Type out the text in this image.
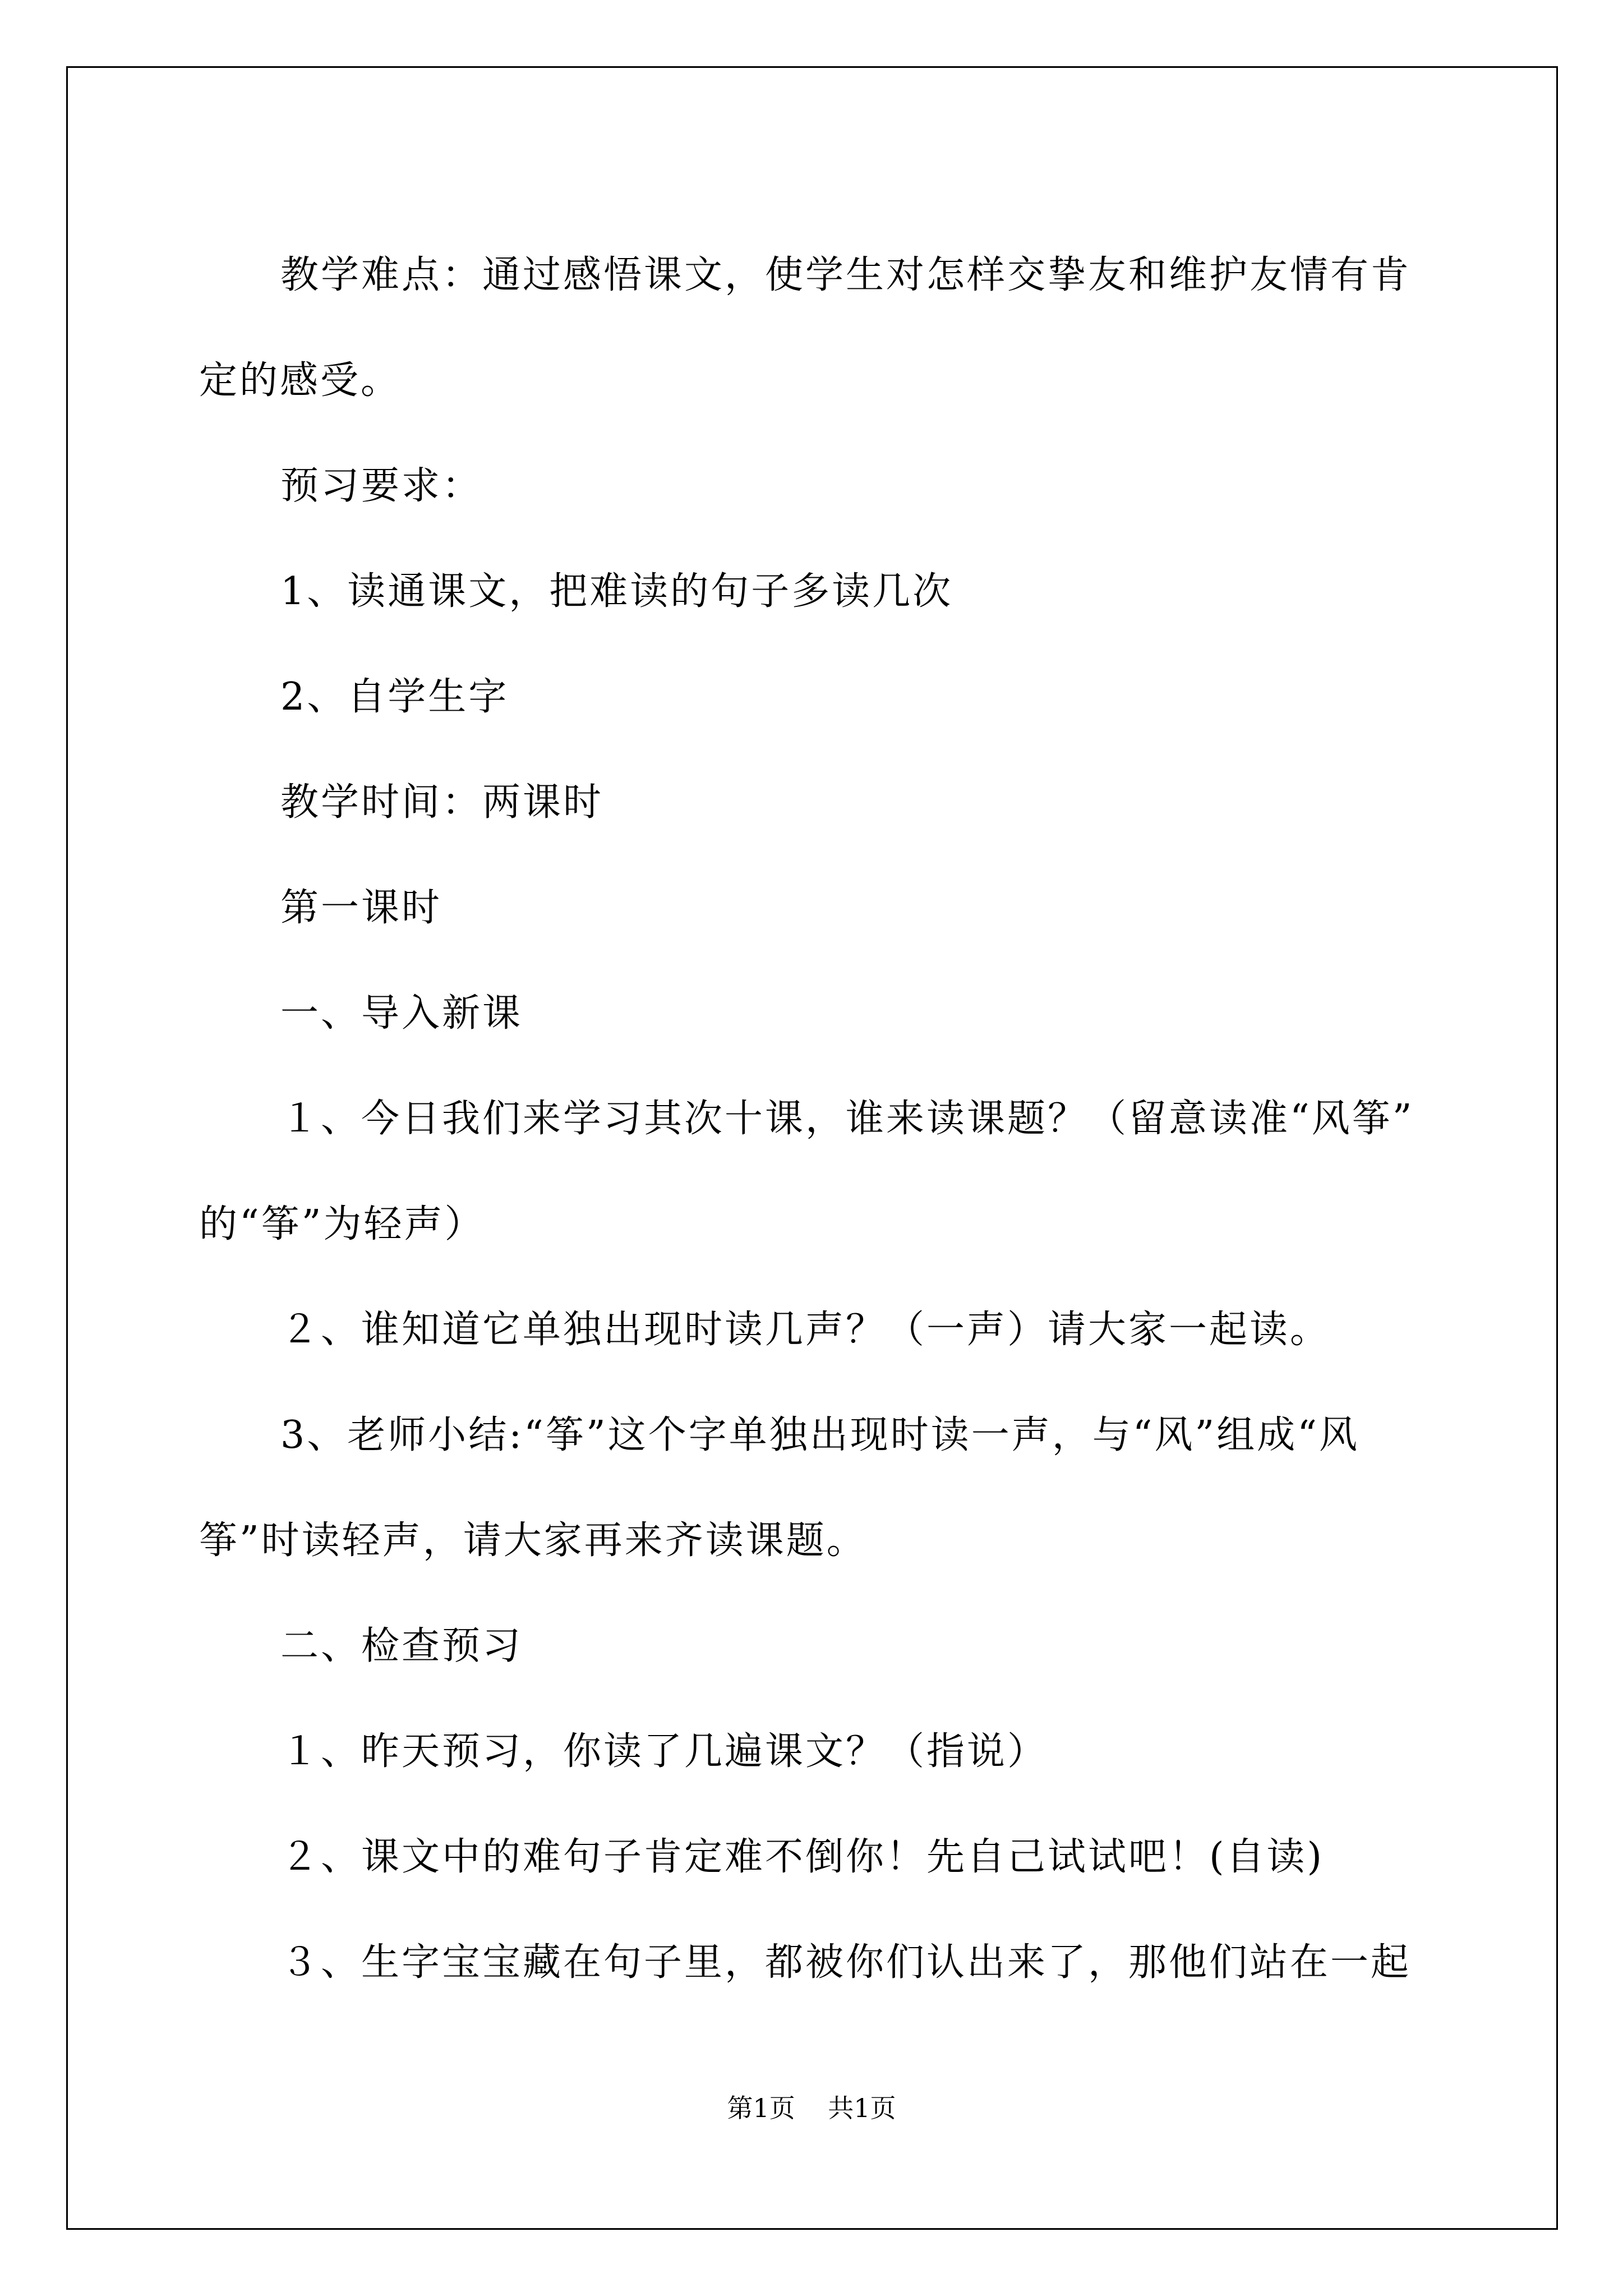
教学难点：通过感悟课文，使学生对怎样交挚友和维护友情有肯

定的感受。

预习要求：

1、读通课文，把难读的句子多读几次

2、自学生字

教学时间：两课时

第一课时

一、导入新课

１、今日我们来学习其次十课，谁来读课题？（留意读准“风筝”

的“筝”为轻声）

２、谁知道它单独出现时读几声？（一声）请大家一起读。

3、老师小结:“筝”这个字单独出现时读一声，与“风”组成“风

筝”时读轻声，请大家再来齐读课题。

二、检查预习

１、昨天预习，你读了几遍课文？（指说）

２、课文中的难句子肯定难不倒你！先自己试试吧！(自读)

３、生字宝宝藏在句子里，都被你们认出来了，那他们站在一起

第1页    共1页
